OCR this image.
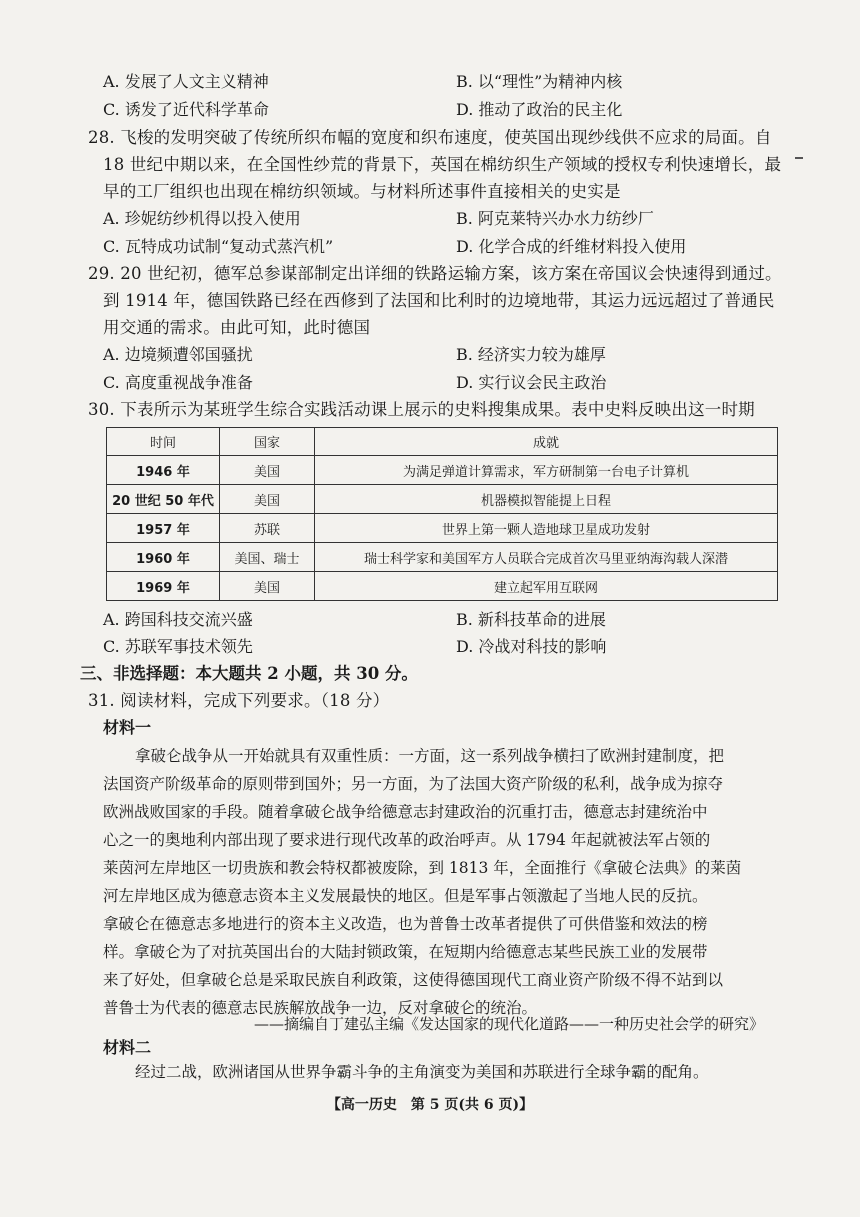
A. 发展了人文主义精神	B. 以“理性”为精神内核
C. 诱发了近代科学革命	D. 推动了政治的民主化
28. 飞梭的发明突破了传统所织布幅的宽度和织布速度，使英国出现纱线供不应求的局面。自
18 世纪中期以来，在全国性纱荒的背景下，英国在棉纺织生产领域的授权专利快速增长，最
早的工厂组织也出现在棉纺织领域。与材料所述事件直接相关的史实是
A. 珍妮纺纱机得以投入使用	B. 阿克莱特兴办水力纺纱厂
C. 瓦特成功试制“复动式蒸汽机”	D. 化学合成的纤维材料投入使用
29. 20 世纪初，德军总参谋部制定出详细的铁路运输方案，该方案在帝国议会快速得到通过。
到 1914 年，德国铁路已经在西修到了法国和比利时的边境地带，其运力远远超过了普通民
用交通的需求。由此可知，此时德国
A. 边境频遭邻国骚扰	B. 经济实力较为雄厚
C. 高度重视战争准备	D. 实行议会民主政治
30. 下表所示为某班学生综合实践活动课上展示的史料搜集成果。表中史料反映出这一时期
时间	国家	成就
1946 年	美国	为满足弹道计算需求，军方研制第一台电子计算机
20 世纪 50 年代	美国	机器模拟智能提上日程
1957 年	苏联	世界上第一颗人造地球卫星成功发射
1960 年	美国、瑞士	瑞士科学家和美国军方人员联合完成首次马里亚纳海沟载人深潜
1969 年	美国	建立起军用互联网
A. 跨国科技交流兴盛	B. 新科技革命的进展
C. 苏联军事技术领先	D. 冷战对科技的影响
三、非选择题：本大题共 2 小题，共 30 分。
31. 阅读材料，完成下列要求。（18 分）
材料一
拿破仑战争从一开始就具有双重性质：一方面，这一系列战争横扫了欧洲封建制度，把
法国资产阶级革命的原则带到国外；另一方面，为了法国大资产阶级的私利，战争成为掠夺
欧洲战败国家的手段。随着拿破仑战争给德意志封建政治的沉重打击，德意志封建统治中
心之一的奥地利内部出现了要求进行现代改革的政治呼声。从 1794 年起就被法军占领的
莱茵河左岸地区一切贵族和教会特权都被废除，到 1813 年，全面推行《拿破仑法典》的莱茵
河左岸地区成为德意志资本主义发展最快的地区。但是军事占领激起了当地人民的反抗。
拿破仑在德意志多地进行的资本主义改造，也为普鲁士改革者提供了可供借鉴和效法的榜
样。拿破仑为了对抗英国出台的大陆封锁政策，在短期内给德意志某些民族工业的发展带
来了好处，但拿破仑总是采取民族自利政策，这使得德国现代工商业资产阶级不得不站到以
普鲁士为代表的德意志民族解放战争一边，反对拿破仑的统治。
——摘编自丁建弘主编《发达国家的现代化道路——一种历史社会学的研究》
材料二
经过二战，欧洲诸国从世界争霸斗争的主角演变为美国和苏联进行全球争霸的配角。
【高一历史　第 5 页(共 6 页)】
